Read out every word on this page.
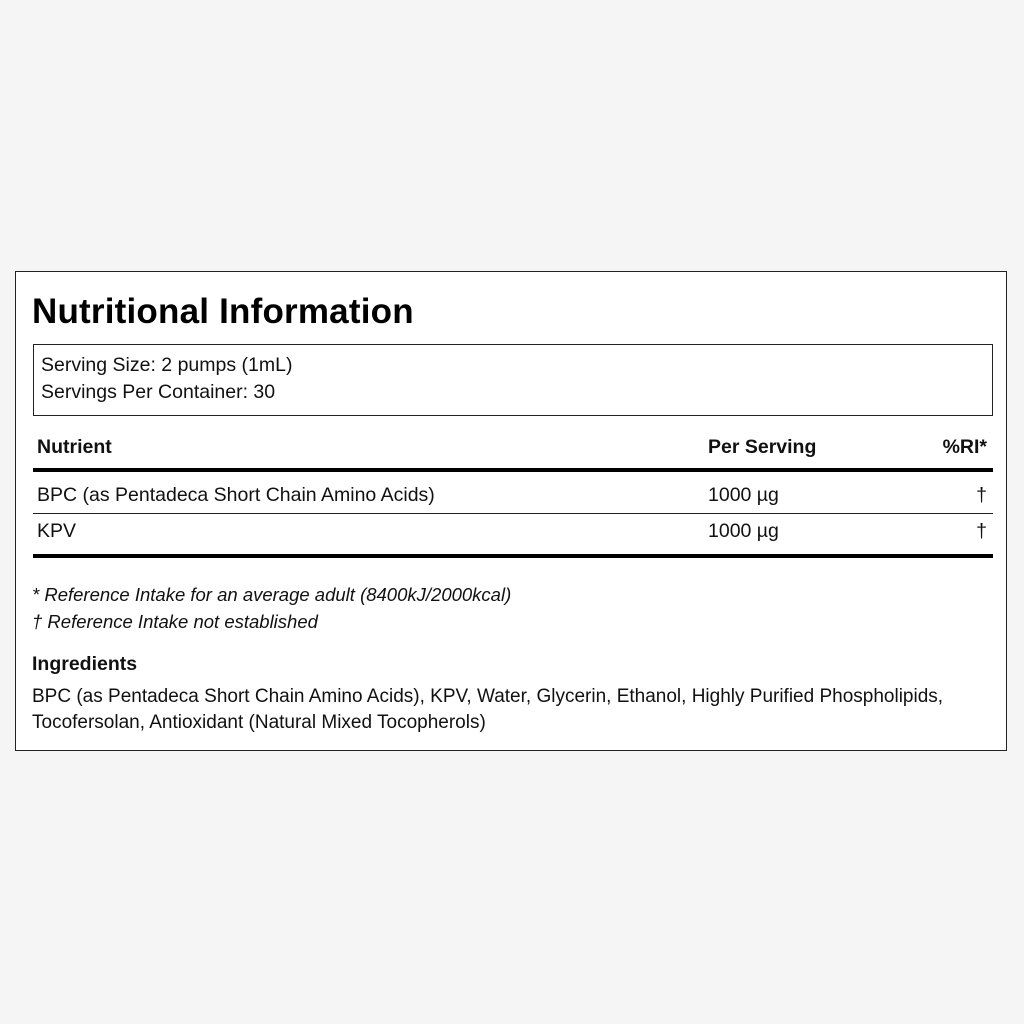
Nutritional Information
Serving Size: 2 pumps (1mL)
Servings Per Container: 30
Nutrient	Per Serving	%RI*
BPC (as Pentadeca Short Chain Amino Acids)	1000 µg	†
KPV	1000 µg	†
* Reference Intake for an average adult (8400kJ/2000kcal)
† Reference Intake not established
Ingredients

BPC (as Pentadeca Short Chain Amino Acids), KPV, Water, Glycerin, Ethanol, Highly Purified Phospholipids, Tocofersolan, Antioxidant (Natural Mixed Tocopherols)
